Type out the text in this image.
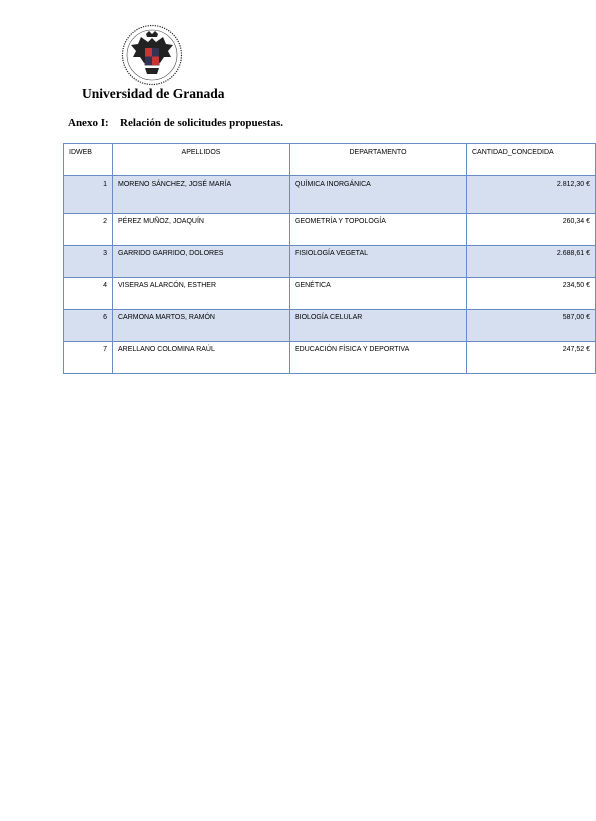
Universidad de Granada
Anexo I: Relación de solicitudes propuestas.
IDWEB	APELLIDOS	DEPARTAMENTO	CANTIDAD_CONCEDIDA
1	MORENO SÁNCHEZ, JOSÉ MARÍA	QUÍMICA INORGÁNICA	2.812,30 €
2	PÉREZ MUÑOZ, JOAQUÍN	GEOMETRÍA Y TOPOLOGÍA	260,34 €
3	GARRIDO GARRIDO, DOLORES	FISIOLOGÍA VEGETAL	2.688,61 €
4	VISERAS ALARCÓN, ESTHER	GENÉTICA	234,50 €
6	CARMONA MARTOS, RAMÓN	BIOLOGÍA CELULAR	587,00 €
7	ARELLANO COLOMINA RAÚL	EDUCACIÓN FÍSICA Y DEPORTIVA	247,52 €
